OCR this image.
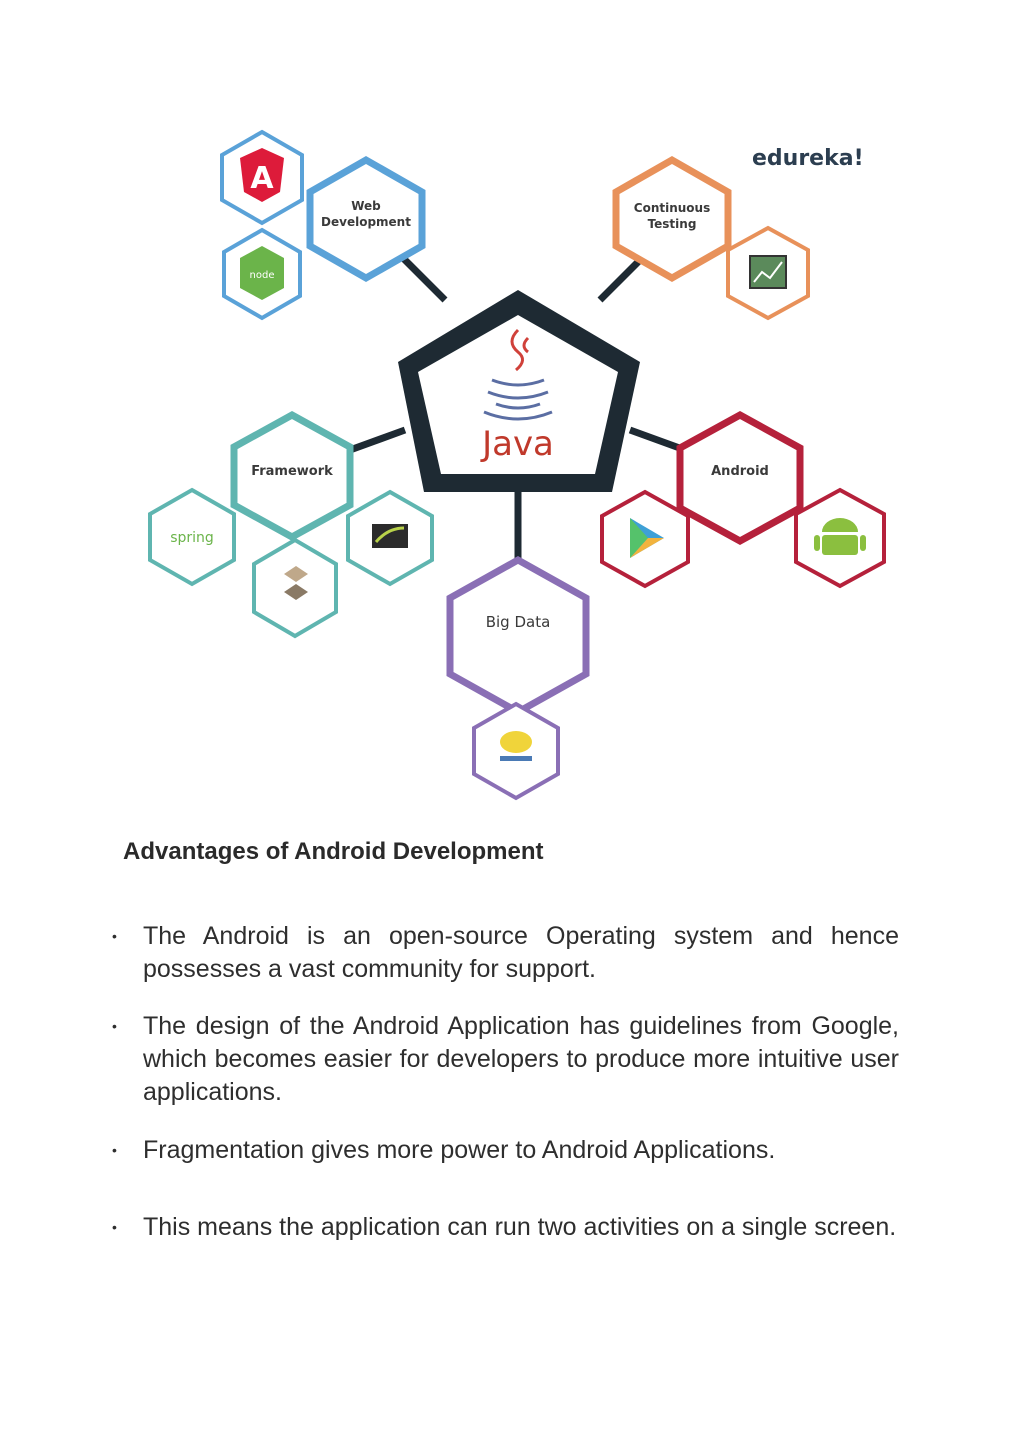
Java
Web
Development
A
node
Continuous
Testing
edureka!
Framework
spring
Android
Big Data
Advantages of Android Development
• The Android is an open-source Operating system and hence possesses a vast community for support.
• The design of the Android Application has guidelines from Google, which becomes easier for developers to produce more intuitive user applications.
• Fragmentation gives more power to Android Applications.
• This means the application can run two activities on a single screen.
